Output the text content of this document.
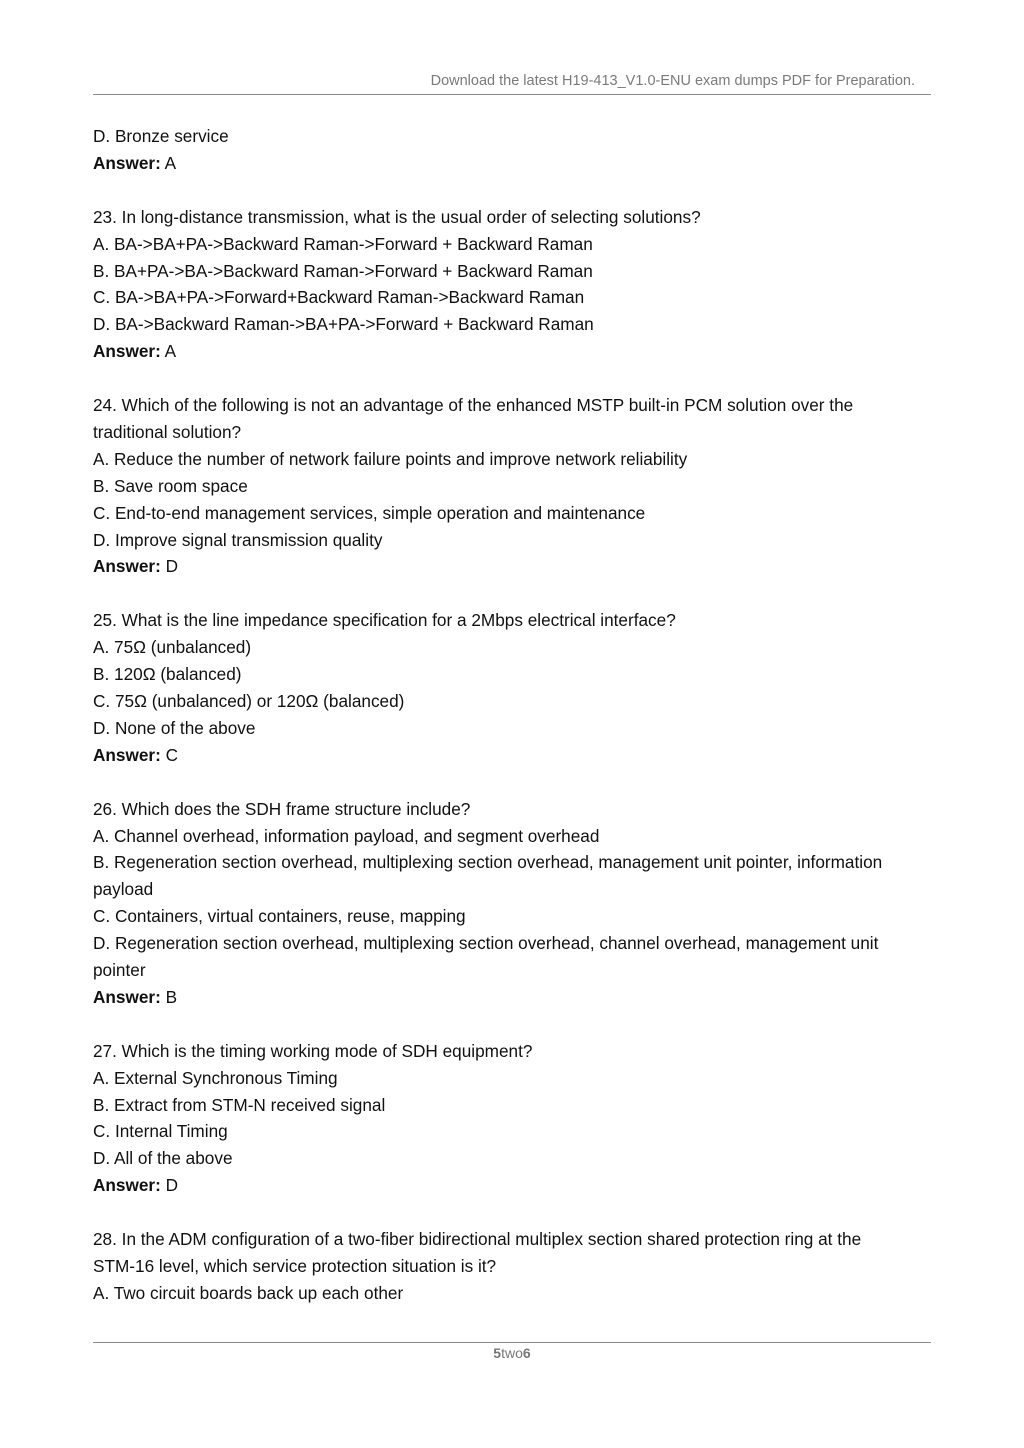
Download the latest H19-413_V1.0-ENU exam dumps PDF for Preparation.
D. Bronze service
Answer: A
23. In long-distance transmission, what is the usual order of selecting solutions?
A. BA->BA+PA->Backward Raman->Forward + Backward Raman
B. BA+PA->BA->Backward Raman->Forward + Backward Raman
C. BA->BA+PA->Forward+Backward Raman->Backward Raman
D. BA->Backward Raman->BA+PA->Forward + Backward Raman
Answer: A
24. Which of the following is not an advantage of the enhanced MSTP built-in PCM solution over the
traditional solution?
A. Reduce the number of network failure points and improve network reliability
B. Save room space
C. End-to-end management services, simple operation and maintenance
D. Improve signal transmission quality
Answer: D
25. What is the line impedance specification for a 2Mbps electrical interface?
A. 75Ω (unbalanced)
B. 120Ω (balanced)
C. 75Ω (unbalanced) or 120Ω (balanced)
D. None of the above
Answer: C
26. Which does the SDH frame structure include?
A. Channel overhead, information payload, and segment overhead
B. Regeneration section overhead, multiplexing section overhead, management unit pointer, information
payload
C. Containers, virtual containers, reuse, mapping
D. Regeneration section overhead, multiplexing section overhead, channel overhead, management unit
pointer
Answer: B
27. Which is the timing working mode of SDH equipment?
A. External Synchronous Timing
B. Extract from STM-N received signal
C. Internal Timing
D. All of the above
Answer: D
28. In the ADM configuration of a two-fiber bidirectional multiplex section shared protection ring at the
STM-16 level, which service protection situation is it?
A. Two circuit boards back up each other
5two6
